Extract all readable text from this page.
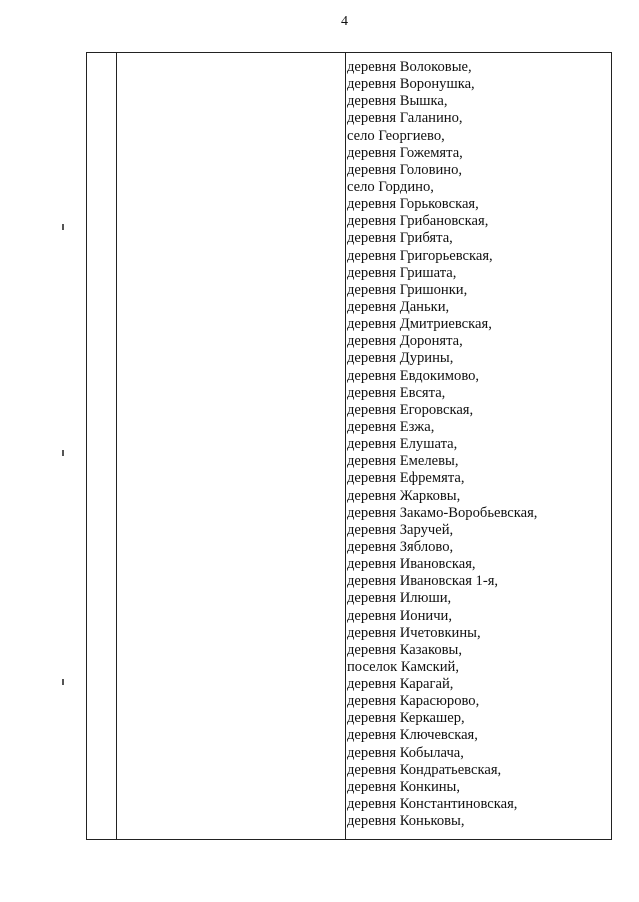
4
деревня Волоковые,
деревня Воронушка,
деревня Вышка,
деревня Галанино,
село Георгиево,
деревня Гожемята,
деревня Головино,
село Гордино,
деревня Горьковская,
деревня Грибановская,
деревня Грибята,
деревня Григорьевская,
деревня Гришата,
деревня Гришонки,
деревня Даньки,
деревня Дмитриевская,
деревня Доронята,
деревня Дурины,
деревня Евдокимово,
деревня Евсята,
деревня Егоровская,
деревня Езжа,
деревня Елушата,
деревня Емелевы,
деревня Ефремята,
деревня Жарковы,
деревня Закамо-Воробьевская,
деревня Заручей,
деревня Зяблово,
деревня Ивановская,
деревня Ивановская 1-я,
деревня Илюши,
деревня Ионичи,
деревня Ичетовкины,
деревня Казаковы,
поселок Камский,
деревня Карагай,
деревня Карасюрово,
деревня Керкашер,
деревня Ключевская,
деревня Кобылача,
деревня Кондратьевская,
деревня Конкины,
деревня Константиновская,
деревня Коньковы,
